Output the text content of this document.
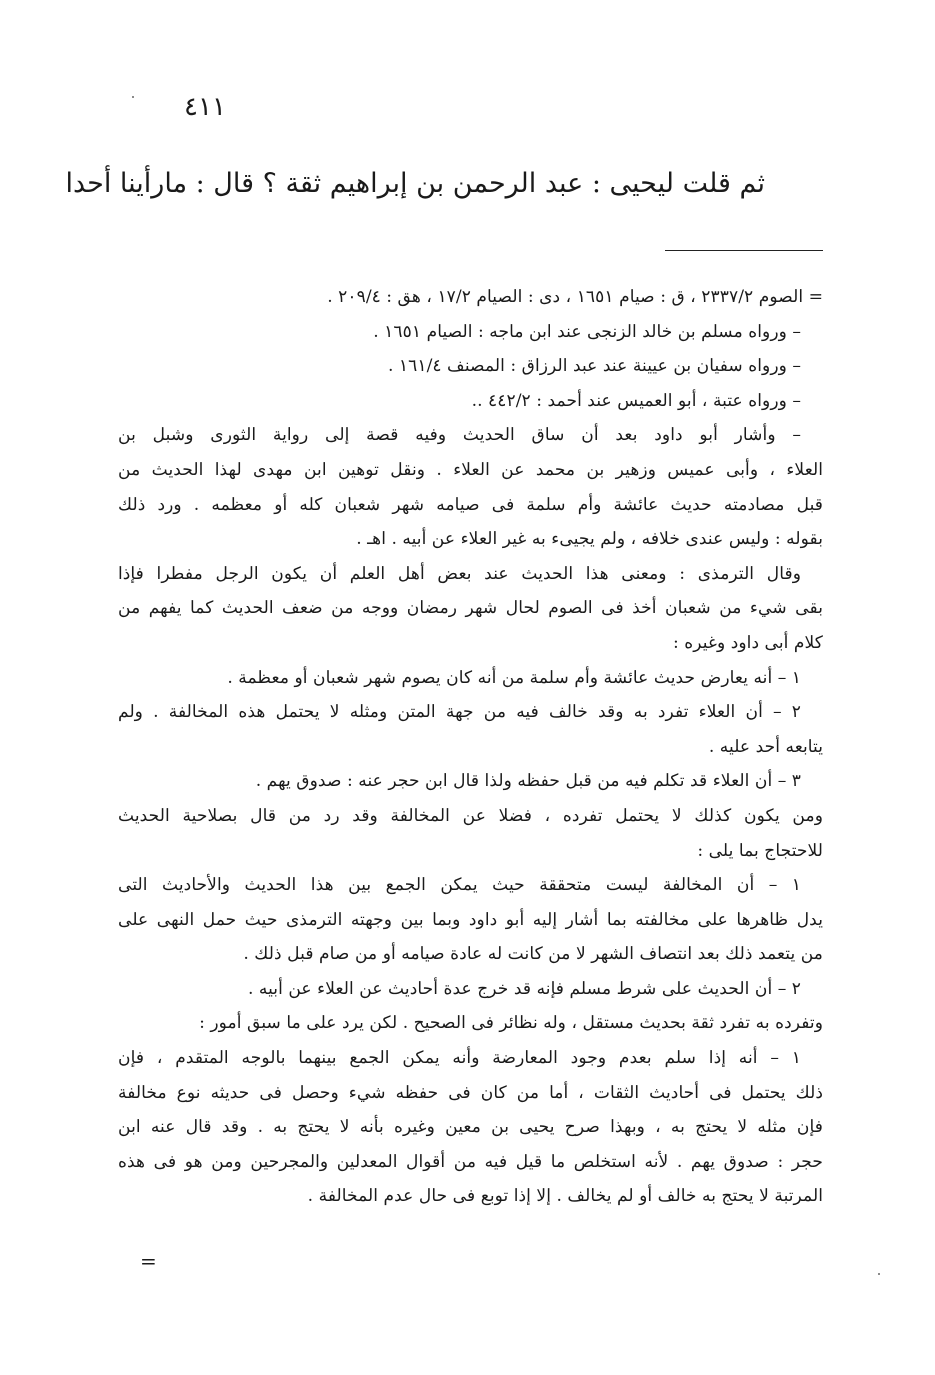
٤١١
ثم قلت ليحيى : عبد الرحمن بن إبراهيم ثقة ؟ قال : مارأينا أحدا
= الصوم ٢٣٣٧/٢ ، ق : صيام ١٦٥١ ، دى : الصيام ١٧/٢ ، هق : ٢٠٩/٤ .
– ورواه مسلم بن خالد الزنجى عند ابن ماجه : الصيام ١٦٥١ .
– ورواه سفيان بن عيينة عند عبد الرزاق : المصنف ١٦١/٤ .
– ورواه عتبة ، أبو العميس عند أحمد : ٤٤٢/٢ ..
– وأشار أبو داود بعد أن ساق الحديث وفيه قصة إلى رواية الثورى وشبل بن
العلاء ، وأبى عميس وزهير بن محمد عن العلاء . ونقل توهين ابن مهدى لهذا الحديث من
قبل مصادمته حديث عائشة وأم سلمة فى صيامه شهر شعبان كله أو معظمه . ورد ذلك
بقوله : وليس عندى خلافه ، ولم يجيىء به غير العلاء عن أبيه . اهـ .
وقال الترمذى : ومعنى هذا الحديث عند بعض أهل العلم أن يكون الرجل مفطرا فإذا
بقى شيء من شعبان أخذ فى الصوم لحال شهر رمضان ووجه من ضعف الحديث كما يفهم من
كلام أبى داود وغيره :
١ – أنه يعارض حديث عائشة وأم سلمة من أنه كان يصوم شهر شعبان أو معظمة .
٢ – أن العلاء تفرد به وقد خالف فيه من جهة المتن ومثله لا يحتمل هذه المخالفة . ولم
يتابعه أحد عليه .
٣ – أن العلاء قد تكلم فيه من قبل حفظه ولذا قال ابن حجر عنه : صدوق يهم .
ومن يكون كذلك لا يحتمل تفرده ، فضلا عن المخالفة وقد رد من قال بصلاحية الحديث
للاحتجاج بما يلى :
١ – أن المخالفة ليست متحققة حيث يمكن الجمع بين هذا الحديث والأحاديث التى
يدل ظاهرها على مخالفته بما أشار إليه أبو داود وبما بين وجهته الترمذى حيث حمل النهى على
من يتعمد ذلك بعد انتصاف الشهر لا من كانت له عادة صيامه أو من صام قبل ذلك .
٢ – أن الحديث على شرط مسلم فإنه قد خرج عدة أحاديث عن العلاء عن أبيه .
وتفرده به تفرد ثقة بحديث مستقل ، وله نظائر فى الصحيح . لكن يرد على ما سبق أمور :
١ – أنه إذا سلم بعدم وجود المعارضة وأنه يمكن الجمع بينهما بالوجه المتقدم ، فإن
ذلك يحتمل فى أحاديث الثقات ، أما من كان فى حفظه شيء وحصل فى حديثه نوع مخالفة
فإن مثله لا يحتج به ، وبهذا صرح يحيى بن معين وغيره بأنه لا يحتج به . وقد قال عنه ابن
حجر : صدوق يهم . لأنه استخلص ما قيل فيه من أقوال المعدلين والمجرحين ومن هو فى هذه
المرتبة لا يحتج به خالف أو لم يخالف . إلا إذا توبع فى حال عدم المخالفة .
=
